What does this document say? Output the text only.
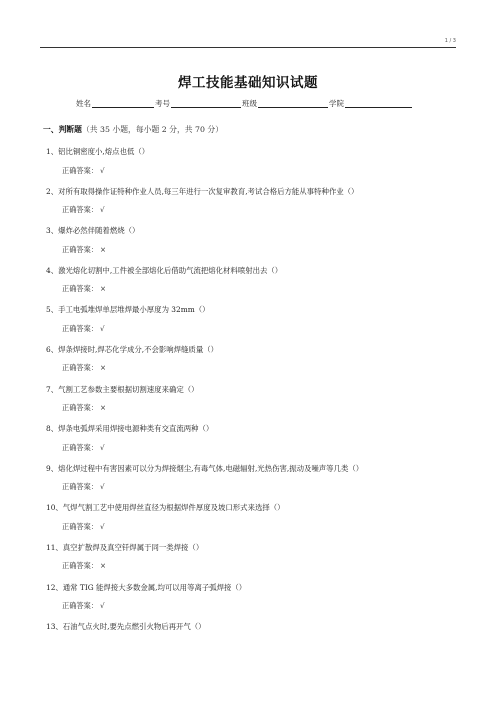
1 / 3
焊工技能基础知识试题
姓名	考号	班级	学院
一、判断题（共 35 小题，每小题 2 分，共 70 分）
1、铝比铜密度小,熔点也低（）
正确答案： √
2、对所有取得操作证特种作业人员,每三年进行一次复审教育,考试合格后方能从事特种作业（）
正确答案： √
3、爆炸必然伴随着燃烧（）
正确答案： ×
4、激光熔化切割中,工件被全部熔化后借助气流把熔化材料喷射出去（）
正确答案： ×
5、手工电弧堆焊单层堆焊最小厚度为 32mm（）
正确答案： √
6、焊条焊接时,焊芯化学成分,不会影响焊缝质量（）
正确答案： ×
7、气割工艺参数主要根据切割速度来确定（）
正确答案： ×
8、焊条电弧焊采用焊接电源种类有交直流两种（）
正确答案： √
9、熔化焊过程中有害因素可以分为焊接烟尘,有毒气体,电磁辐射,光热伤害,振动及噪声等几类（）
正确答案： √
10、气焊气割工艺中使用焊丝直径为根据焊件厚度及坡口形式来选择（）
正确答案： √
11、真空扩散焊及真空钎焊属于同一类焊接（）
正确答案： ×
12、通常 TIG 能焊接大多数金属,均可以用等离子弧焊接（）
正确答案： √
13、石油气点火时,要先点燃引火物后再开气（）
